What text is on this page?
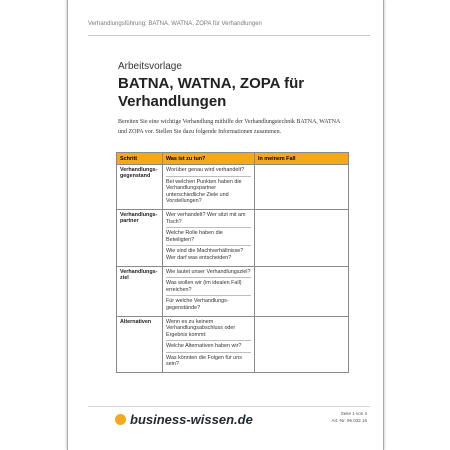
Verhandlungsführung: BATNA, WATNA, ZOPA für Verhandlungen
Arbeitsvorlage
BATNA, WATNA, ZOPA für Verhandlungen
Bereiten Sie eine wichtige Verhandlung mithilfe der Verhandlungstechnik BATNA, WATNA und ZOPA vor. Stellen Sie dazu folgende Informationen zusammen.
Schritt	Was ist zu tun?	In meinem Fall
Verhandlungs-gegenstand	Worüber genau wird verhandelt?
Bei welchen Punkten haben die Verhandlungspartner unterschiedliche Ziele und Vorstellungen?	

Verhandlungs-partner	Wer verhandelt? Wer sitzt mit am Tisch?
Welche Rolle haben die Beteiligten?
Wie sind die Machtverhältnisse? Wer darf was entscheiden?	

Verhandlungs-ziel	Wie lautet unser Verhandlungsziel?
Was wollen wir (im idealen Fall) erreichen?
Für welche Verhandlungs-gegenstände?	

Alternativen	Wenn es zu keinem Verhandlungsabschluss oder Ergebnis kommt:
Welche Alternativen haben wir?
Was könnten die Folgen für uns sein?	

business-wissen.de	Seite 1 von 3
Art.-Nr. 96.032.16
